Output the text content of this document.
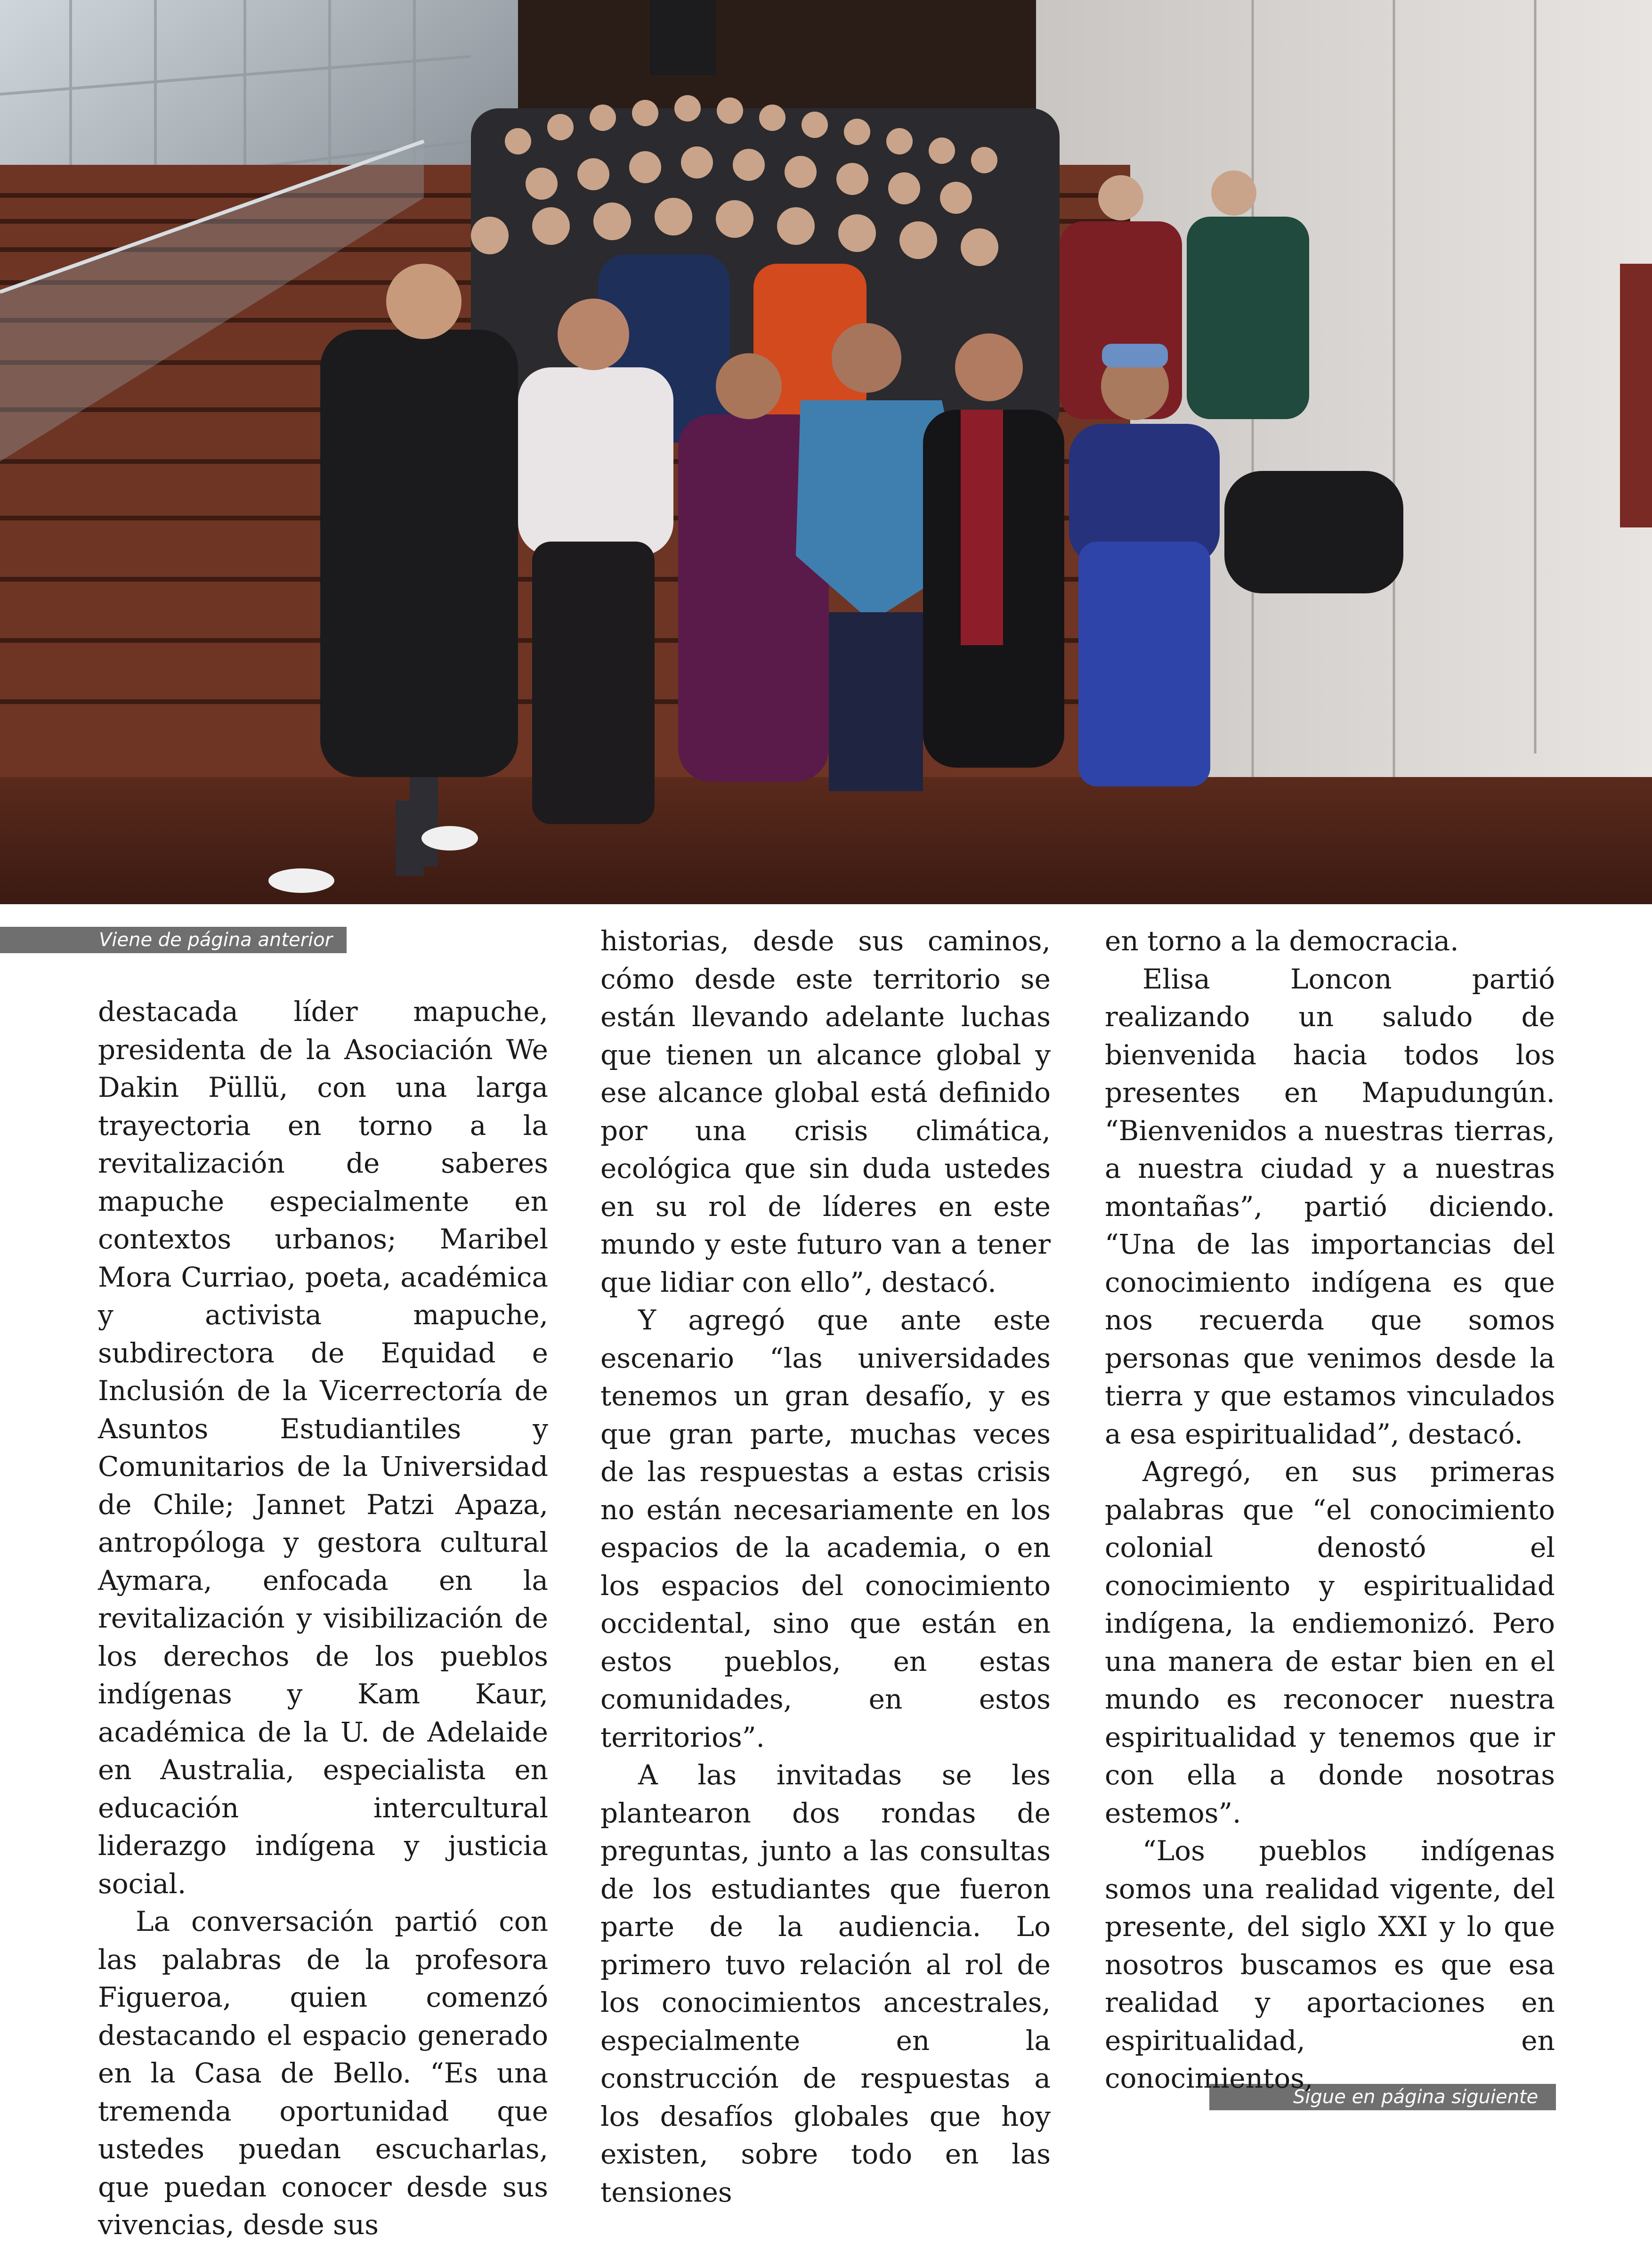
Viene de página anterior
Sigue en página siguiente

destacada líder mapuche, presidenta de la Asociación We Dakin Püllü, con una larga trayectoria en torno a la revitalización de saberes mapuche especialmente en contextos urbanos; Maribel Mora Curriao, poeta, académica y activista mapuche, subdirectora de Equidad e Inclusión de la Vicerrectoría de Asuntos Estudiantiles y Comunitarios de la Universidad de Chile; Jannet Patzi Apaza, antropóloga y gestora cultural Aymara, enfocada en la revitalización y visibilización de los derechos de los pueblos indígenas y Kam Kaur, académica de la U. de Adelaide en Australia, especialista en educación intercultural liderazgo indígena y justicia social.

La conversación partió con las palabras de la profesora Figueroa, quien comenzó destacando el espacio generado en la Casa de Bello. “Es una tremenda oportunidad que ustedes puedan escucharlas, que puedan conocer desde sus vivencias, desde sus

historias, desde sus caminos, cómo desde este territorio se están llevando adelante luchas que tienen un alcance global y ese alcance global está definido por una crisis climática, ecológica que sin duda ustedes en su rol de líderes en este mundo y este futuro van a tener que lidiar con ello”, destacó.

Y agregó que ante este escenario “las universidades tenemos un gran desafío, y es que gran parte, muchas veces de las respuestas a estas crisis no están necesariamente en los espacios de la academia, o en los espacios del conocimiento occidental, sino que están en estos pueblos, en estas comunidades, en estos territorios”.

A las invitadas se les plantearon dos rondas de preguntas, junto a las consultas de los estudiantes que fueron parte de la audiencia. Lo primero tuvo relación al rol de los conocimientos ancestrales, especialmente en la construcción de respuestas a los desafíos globales que hoy existen, sobre todo en las tensiones

en torno a la democracia.

Elisa Loncon partió realizando un saludo de bienvenida hacia todos los presentes en Mapudungún. “Bienvenidos a nuestras tierras, a nuestra ciudad y a nuestras montañas”, partió diciendo. “Una de las importancias del conocimiento indígena es que nos recuerda que somos personas que venimos desde la tierra y que estamos vinculados a esa espiritualidad”, destacó.

Agregó, en sus primeras palabras que “el conocimiento colonial denostó el conocimiento y espiritualidad indígena, la endiemonizó. Pero una manera de estar bien en el mundo es reconocer nuestra espiritualidad y tenemos que ir con ella a donde nosotras estemos”.

“Los pueblos indígenas somos una realidad vigente, del presente, del siglo XXI y lo que nosotros buscamos es que esa realidad y aportaciones en espiritualidad, en conocimientos,
